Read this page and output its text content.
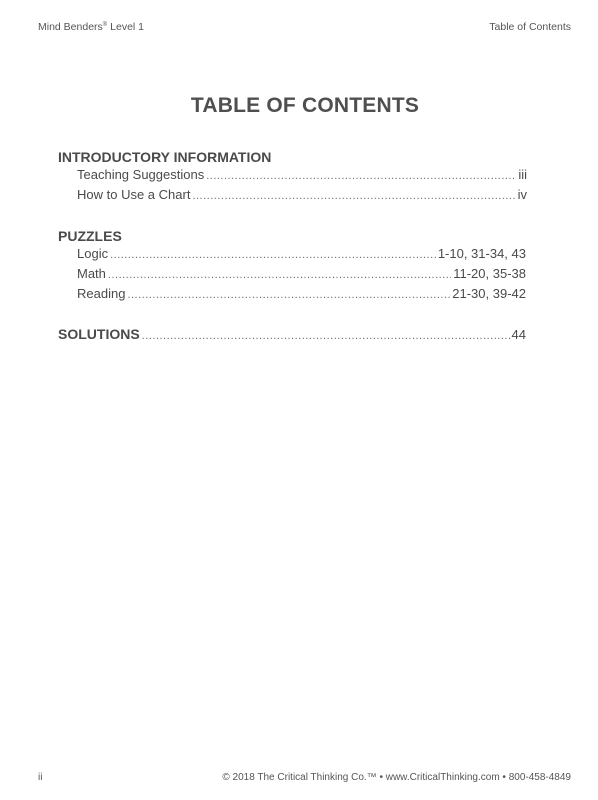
Mind Benders® Level 1	Table of Contents
TABLE OF CONTENTS
INTRODUCTORY INFORMATION
Teaching Suggestions .....	iii
How to Use a Chart .....	iv
PUZZLES
Logic .....	1-10, 31-34, 43
Math .....	11-20, 35-38
Reading .....	21-30, 39-42
SOLUTIONS .....	44
ii	© 2018 The Critical Thinking Co.™ • www.CriticalThinking.com • 800-458-4849
